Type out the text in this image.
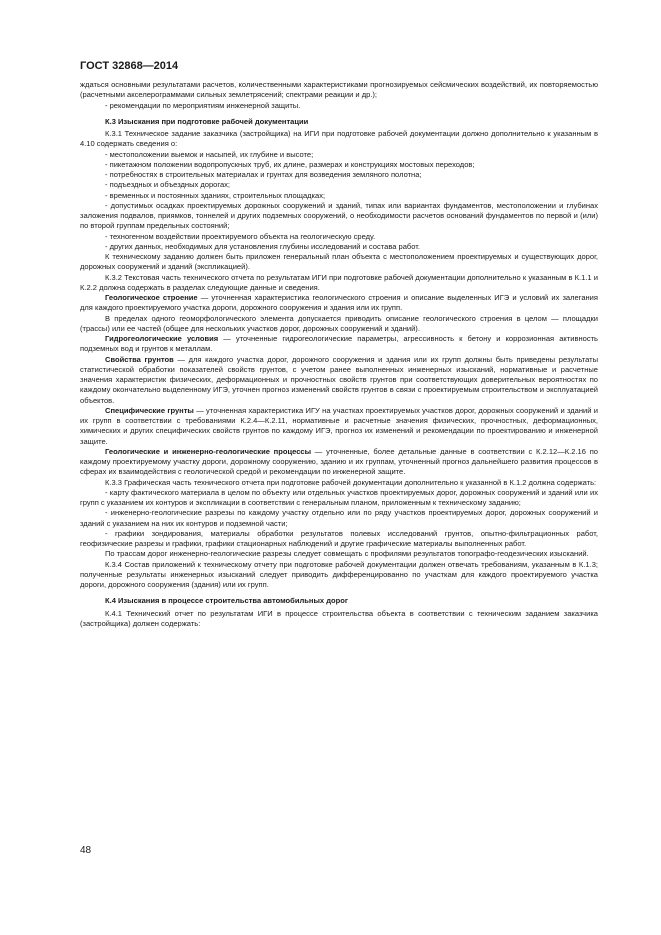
ГОСТ 32868—2014

ждаться основными результатами расчетов, количественными характеристиками прогнозируемых сейсмических воздействий, их повторяемостью (расчетными акселерограммами сильных землетрясений; спектрами реакции и др.);

- рекомендации по мероприятиям инженерной защиты.

К.3 Изыскания при подготовке рабочей документации

К.3.1 Техническое задание заказчика (застройщика) на ИГИ при подготовке рабочей документации должно дополнительно к указанным в 4.10 содержать сведения о:

- местоположении выемок и насыпей, их глубине и высоте;

- пикетажном положении водопропускных труб, их длине, размерах и конструкциях мостовых переходов;

- потребностях в строительных материалах и грунтах для возведения земляного полотна;

- подъездных и объездных дорогах;

- временных и постоянных зданиях, строительных площадках;

- допустимых осадках проектируемых дорожных сооружений и зданий, типах или вариантах фундаментов, местоположении и глубинах заложения подвалов, приямков, тоннелей и других подземных сооружений, о необходимости расчетов оснований фундаментов по первой и (или) по второй группам предельных состояний;

- техногенном воздействии проектируемого объекта на геологическую среду.

- других данных, необходимых для установления глубины исследований и состава работ.

К техническому заданию должен быть приложен генеральный план объекта с местоположением проектируемых и существующих дорог, дорожных сооружений и зданий (экспликацией).

К.3.2 Текстовая часть технического отчета по результатам ИГИ при подготовке рабочей документации дополнительно к указанным в К.1.1 и К.2.2 должна содержать в разделах следующие данные и сведения.

Геологическое строение — уточненная характеристика геологического строения и описание выделенных ИГЭ и условий их залегания для каждого проектируемого участка дороги, дорожного сооружения и здания или их групп.

В пределах одного геоморфологического элемента допускается приводить описание геологического строения в целом — площадки (трассы) или ее частей (общее для нескольких участков дорог, дорожных сооружений и зданий).

Гидрогеологические условия — уточненные гидрогеологические параметры, агрессивность к бетону и коррозионная активность подземных вод и грунтов к металлам.

Свойства грунтов — для каждого участка дорог, дорожного сооружения и здания или их групп должны быть приведены результаты статистической обработки показателей свойств грунтов, с учетом ранее выполненных инженерных изысканий, нормативные и расчетные значения характеристик физических, деформационных и прочностных свойств грунтов при соответствующих доверительных вероятностях по каждому окончательно выделенному ИГЭ, уточнен прогноз изменений свойств грунтов в связи с проектируемым строительством и эксплуатацией объектов.

Специфические грунты — уточненная характеристика ИГУ на участках проектируемых участков дорог, дорожных сооружений и зданий и их групп в соответствии с требованиями К.2.4—К.2.11, нормативные и расчетные значения физических, прочностных, деформационных, химических и других специфических свойств грунтов по каждому ИГЭ, прогноз их изменений и рекомендации по проектированию и инженерной защите.

Геологические и инженерно-геологические процессы — уточненные, более детальные данные в соответствии с К.2.12—К.2.16 по каждому проектируемому участку дороги, дорожному сооружению, зданию и их группам, уточненный прогноз дальнейшего развития процессов в сферах их взаимодействия с геологической средой и рекомендации по инженерной защите.

К.3.3 Графическая часть технического отчета при подготовке рабочей документации дополнительно к указанной в К.1.2 должна содержать:

- карту фактического материала в целом по объекту или отдельных участков проектируемых дорог, дорожных сооружений и зданий или их групп с указанием их контуров и экспликации в соответствии с генеральным планом, приложенным к техническому заданию;

- инженерно-геологические разрезы по каждому участку отдельно или по ряду участков проектируемых дорог, дорожных сооружений и зданий с указанием на них их контуров и подземной части;

- графики зондирования, материалы обработки результатов полевых исследований грунтов, опытно-фильтрационных работ, геофизические разрезы и графики, графики стационарных наблюдений и другие графические материалы выполненных работ.

По трассам дорог инженерно-геологические разрезы следует совмещать с профилями результатов топографо-геодезических изысканий.

К.3.4 Состав приложений к техническому отчету при подготовке рабочей документации должен отвечать требованиям, указанным в К.1.3; полученные результаты инженерных изысканий следует приводить дифференцированно по участкам для каждого проектируемого участка дороги, дорожного сооружения (здания) или их групп.

К.4 Изыскания в процессе строительства автомобильных дорог

К.4.1 Технический отчет по результатам ИГИ в процессе строительства объекта в соответствии с техническим заданием заказчика (застройщика) должен содержать:

48
